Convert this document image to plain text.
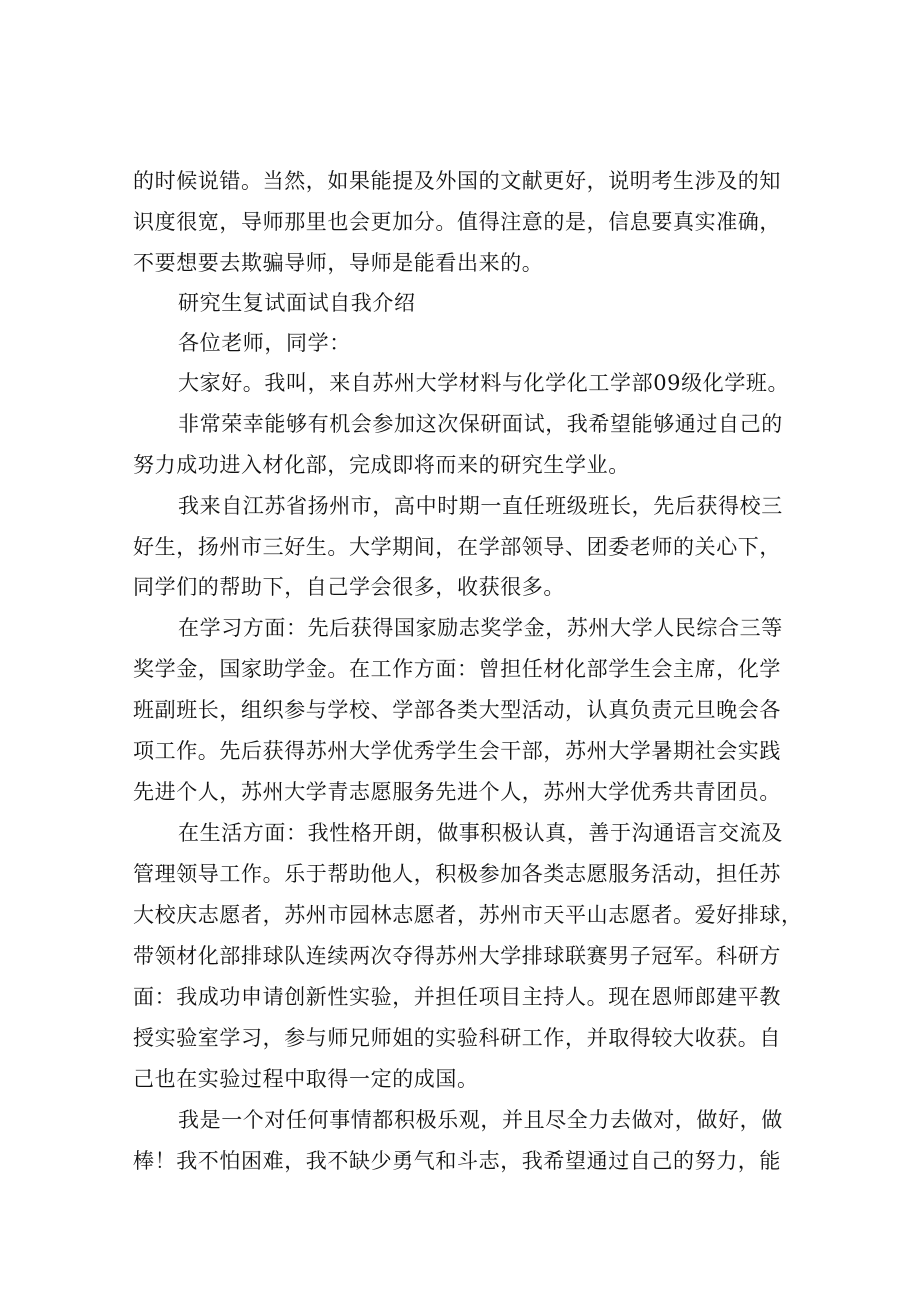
的时候说错。当然，如果能提及外国的文献更好，说明考生涉及的知
识度很宽，导师那里也会更加分。值得注意的是，信息要真实准确，
不要想要去欺骗导师，导师是能看出来的。
研究生复试面试自我介绍
各位老师，同学：
大家好。我叫，来自苏州大学材料与化学化工学部09级化学班。
非常荣幸能够有机会参加这次保研面试，我希望能够通过自己的
努力成功进入材化部，完成即将而来的研究生学业。
我来自江苏省扬州市，高中时期一直任班级班长，先后获得校三
好生，扬州市三好生。大学期间，在学部领导、团委老师的关心下，
同学们的帮助下，自己学会很多，收获很多。
在学习方面：先后获得国家励志奖学金，苏州大学人民综合三等
奖学金，国家助学金。在工作方面：曾担任材化部学生会主席，化学
班副班长，组织参与学校、学部各类大型活动，认真负责元旦晚会各
项工作。先后获得苏州大学优秀学生会干部，苏州大学暑期社会实践
先进个人，苏州大学青志愿服务先进个人，苏州大学优秀共青团员。
在生活方面：我性格开朗，做事积极认真，善于沟通语言交流及
管理领导工作。乐于帮助他人，积极参加各类志愿服务活动，担任苏
大校庆志愿者，苏州市园林志愿者，苏州市天平山志愿者。爱好排球，
带领材化部排球队连续两次夺得苏州大学排球联赛男子冠军。科研方
面：我成功申请创新性实验，并担任项目主持人。现在恩师郎建平教
授实验室学习，参与师兄师姐的实验科研工作，并取得较大收获。自
己也在实验过程中取得一定的成国。
我是一个对任何事情都积极乐观，并且尽全力去做对，做好，做
棒！我不怕困难，我不缺少勇气和斗志，我希望通过自己的努力，能
